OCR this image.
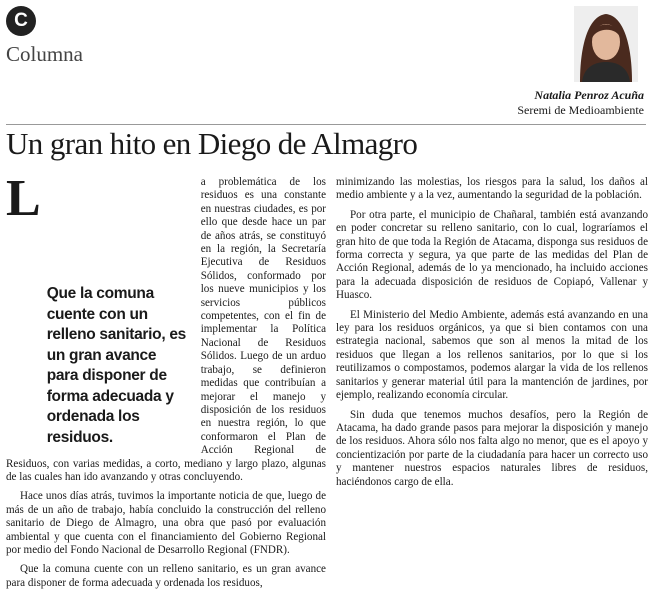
C
Columna
Natalia Penroz Acuña
Seremi de Medioambiente
Un gran hito en Diego de Almagro

L
Que la comuna cuente con un relleno sanitario, es un gran avance para disponer de forma adecuada y ordenada los residuos.
a problemática de los residuos es una constante en nuestras ciudades, es por ello que desde hace un par de años atrás, se constituyó en la región, la Secretaría Ejecutiva de Residuos Sólidos, conformado por los nueve municipios y los servicios públicos competentes, con el fin de implementar la Política Nacional de Residuos Sólidos. Luego de un arduo trabajo, se definieron medidas que contribuían a mejorar el manejo y disposición de los residuos en nuestra región, lo que conformaron el Plan de Acción Regional de Residuos, con varias medidas, a corto, mediano y largo plazo, algunas de las cuales han ido avanzando y otras concluyendo.

Hace unos días atrás, tuvimos la importante noticia de que, luego de más de un año de trabajo, había concluido la construcción del relleno sanitario de Diego de Almagro, una obra que pasó por evaluación ambiental y que cuenta con el financiamiento del Gobierno Regional por medio del Fondo Nacional de Desarrollo Regional (FNDR).

Que la comuna cuente con un relleno sanitario, es un gran avance para disponer de forma adecuada y ordenada los residuos,

minimizando las molestias, los riesgos para la salud, los daños al medio ambiente y a la vez, aumentando la seguridad de la población.

Por otra parte, el municipio de Chañaral, también está avanzando en poder concretar su relleno sanitario, con lo cual, lograríamos el gran hito de que toda la Región de Atacama, disponga sus residuos de forma correcta y segura, ya que parte de las medidas del Plan de Acción Regional, además de lo ya mencionado, ha incluido acciones para la adecuada disposición de residuos de Copiapó, Vallenar y Huasco.

El Ministerio del Medio Ambiente, además está avanzando en una ley para los residuos orgánicos, ya que si bien contamos con una estrategia nacional, sabemos que son al menos la mitad de los residuos que llegan a los rellenos sanitarios, por lo que si los reutilizamos o compostamos, podemos alargar la vida de los rellenos sanitarios y generar material útil para la mantención de jardines, por ejemplo, realizando economía circular.

Sin duda que tenemos muchos desafíos, pero la Región de Atacama, ha dado grande pasos para mejorar la disposición y manejo de los residuos. Ahora sólo nos falta algo no menor, que es el apoyo y concientización por parte de la ciudadanía para hacer un correcto uso y mantener nuestros espacios naturales libres de residuos, haciéndonos cargo de ella.
